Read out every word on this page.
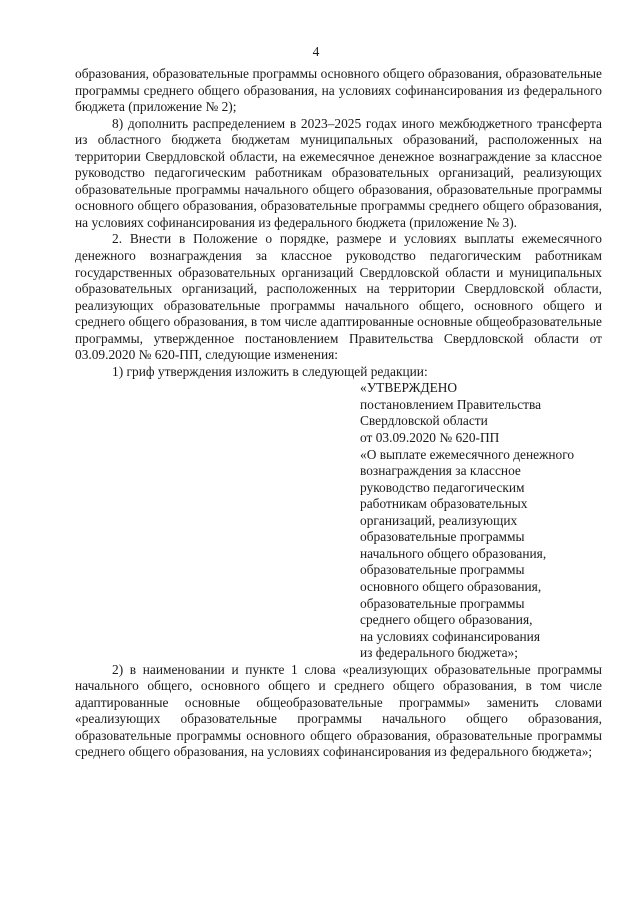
4

образования, образовательные программы основного общего образования, образовательные программы среднего общего образования, на условиях софинансирования из федерального бюджета (приложение № 2);

8) дополнить распределением в 2023–2025 годах иного межбюджетного трансферта из областного бюджета бюджетам муниципальных образований, расположенных на территории Свердловской области, на ежемесячное денежное вознаграждение за классное руководство педагогическим работникам образовательных организаций, реализующих образовательные программы начального общего образования, образовательные программы основного общего образования, образовательные программы среднего общего образования, на условиях софинансирования из федерального бюджета (приложение № 3).

2. Внести в Положение о порядке, размере и условиях выплаты ежемесячного денежного вознаграждения за классное руководство педагогическим работникам государственных образовательных организаций Свердловской области и муниципальных образовательных организаций, расположенных на территории Свердловской области, реализующих образовательные программы начального общего, основного общего и среднего общего образования, в том числе адаптированные основные общеобразовательные программы, утвержденное постановлением Правительства Свердловской области от 03.09.2020 № 620-ПП, следующие изменения:

1) гриф утверждения изложить в следующей редакции:

«УТВЕРЖДЕНО
постановлением Правительства
Свердловской области
от 03.09.2020 № 620-ПП
«О выплате ежемесячного денежного
вознаграждения за классное
руководство педагогическим
работникам образовательных
организаций, реализующих
образовательные программы
начального общего образования,
образовательные программы
основного общего образования,
образовательные программы
среднего общего образования,
на условиях софинансирования
из федерального бюджета»;

2) в наименовании и пункте 1 слова «реализующих образовательные программы начального общего, основного общего и среднего общего образования, в том числе адаптированные основные общеобразовательные программы» заменить словами «реализующих образовательные программы начального общего образования, образовательные программы основного общего образования, образовательные программы среднего общего образования, на условиях софинансирования из федерального бюджета»;
